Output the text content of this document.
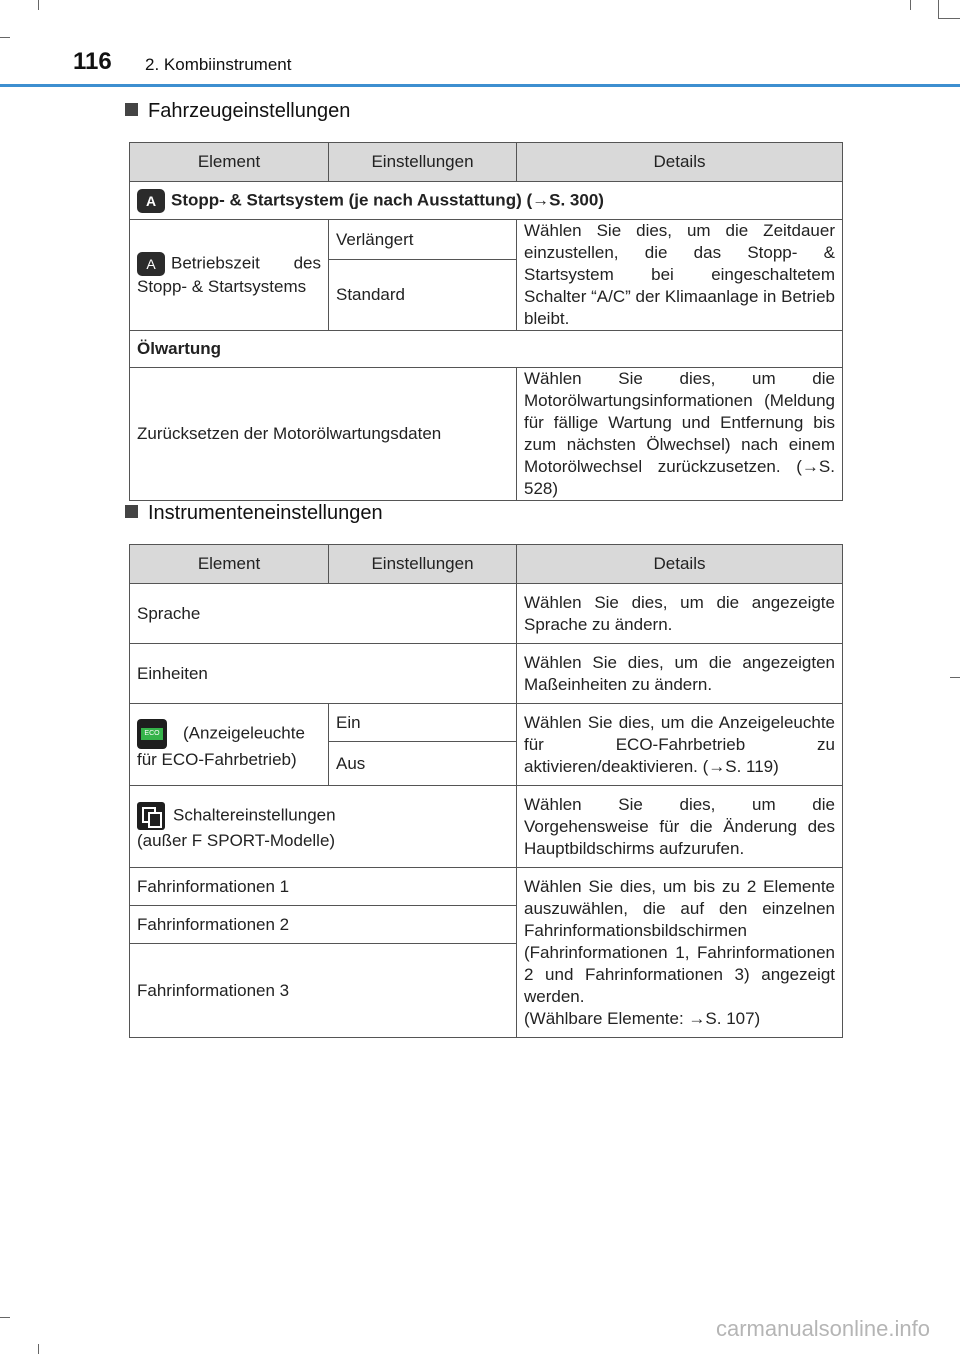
116 2. Kombiinstrument
Fahrzeugeinstellungen
Element	Einstellungen	Details
A Stopp- & Startsystem (je nach Ausstattung) (→S. 300)		
A Betriebszeit des Stopp- & Startsystems	Verlängert	Wählen Sie dies, um die Zeitdauer einzustellen, die das Stopp- & Startsystem bei eingeschaltetem Schalter “A/C” der Klimaanlage in Betrieb bleibt.
	Standard	
Ölwartung		
Zurücksetzen der Motorölwartungsdaten		Wählen Sie dies, um die Motorölwartungsinformationen (Meldung für fällige Wartung und Entfernung bis zum nächsten Ölwechsel) nach einem Motorölwechsel zurückzusetzen. (→S. 528)
Instrumenteneinstellungen
Element	Einstellungen	Details
Sprache		Wählen Sie dies, um die angezeigte Sprache zu ändern.
Einheiten		Wählen Sie dies, um die angezeigten Maßeinheiten zu ändern.

ECO (Anzeigeleuchte für ECO-Fahrbetrieb)	Ein	Wählen Sie dies, um die Anzeigeleuchte für ECO-Fahrbetrieb zu aktivieren/deaktivieren. (→S. 119)
	Aus	

Schaltereinstellungen
(außer F SPORT-Modelle)		Wählen Sie dies, um die Vorgehensweise für die Änderung des Hauptbildschirms aufzurufen.
Fahrinformationen 1		Wählen Sie dies, um bis zu 2 Elemente auszuwählen, die auf den einzelnen Fahrinformationsbildschirmen (Fahrinformationen 1, Fahrinformationen 2 und Fahrinformationen 3) angezeigt werden.
(Wählbare Elemente: →S. 107)
Fahrinformationen 2		
Fahrinformationen 3		
carmanualsonline.info
